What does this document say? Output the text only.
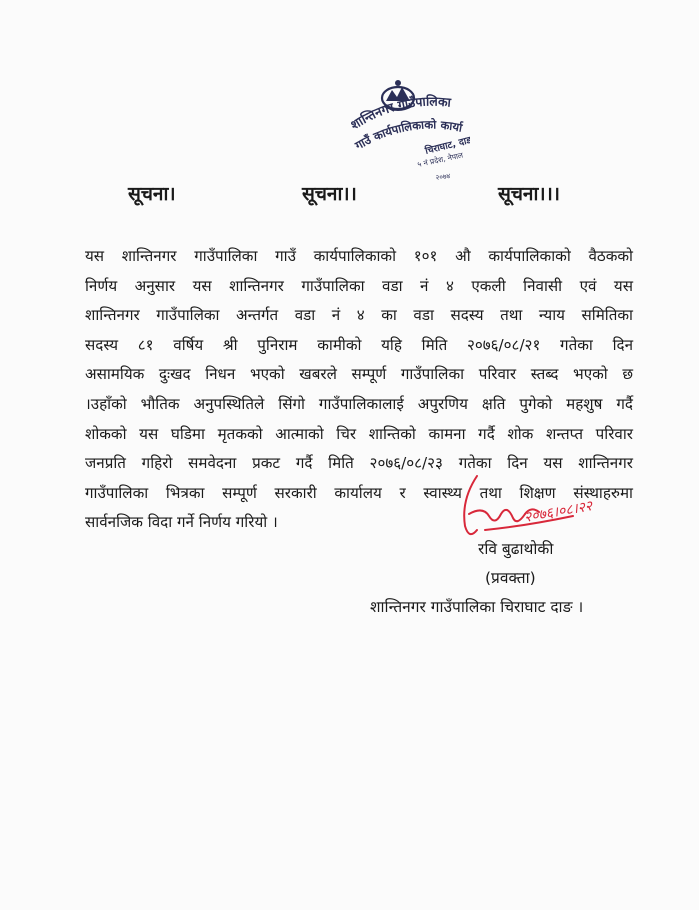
शान्तिनगर गाउँपालिका
गाउँ कार्यपालिकाको कार्या
चिराघाट, दाङ
५ नं प्रदेश, नेपाल
२०७४
सूचना।	सूचना।।	सूचना।।।
यस शान्तिनगर गाउँपालिका गाउँ कार्यपालिकाको १०१ औ कार्यपालिकाको वैठकको
निर्णय अनुसार यस शान्तिनगर गाउँपालिका वडा नं ४ एकली निवासी एवं यस
शान्तिनगर गाउँपालिका अन्तर्गत वडा नं ४ का वडा सदस्य तथा न्याय समितिका
सदस्य ८१ वर्षिय श्री पुनिराम कामीको यहि मिति २०७६/०८/२१ गतेका दिन
असामयिक दुःखद निधन भएको खबरले सम्पूर्ण गाउँपालिका परिवार स्तब्द भएको छ
।उहाँको भौतिक अनुपस्थितिले सिंगो गाउँपालिकालाई अपुरणिय क्षति पुगेको महशुष गर्दै
शोकको यस घडिमा मृतकको आत्माको चिर शान्तिको कामना गर्दै शोक शन्तप्त परिवार
जनप्रति गहिरो समवेदना प्रकट गर्दै मिति २०७६/०८/२३ गतेका दिन यस शान्तिनगर
गाउँपालिका भित्रका सम्पूर्ण सरकारी कार्यालय र स्वास्थ्य तथा शिक्षण संस्थाहरुमा
सार्वनजिक विदा गर्ने निर्णय गरियो ।	२०७६।०८।२२
रवि बुढाथोकी
(प्रवक्ता)
शान्तिनगर गाउँपालिका चिराघाट दाङ ।
